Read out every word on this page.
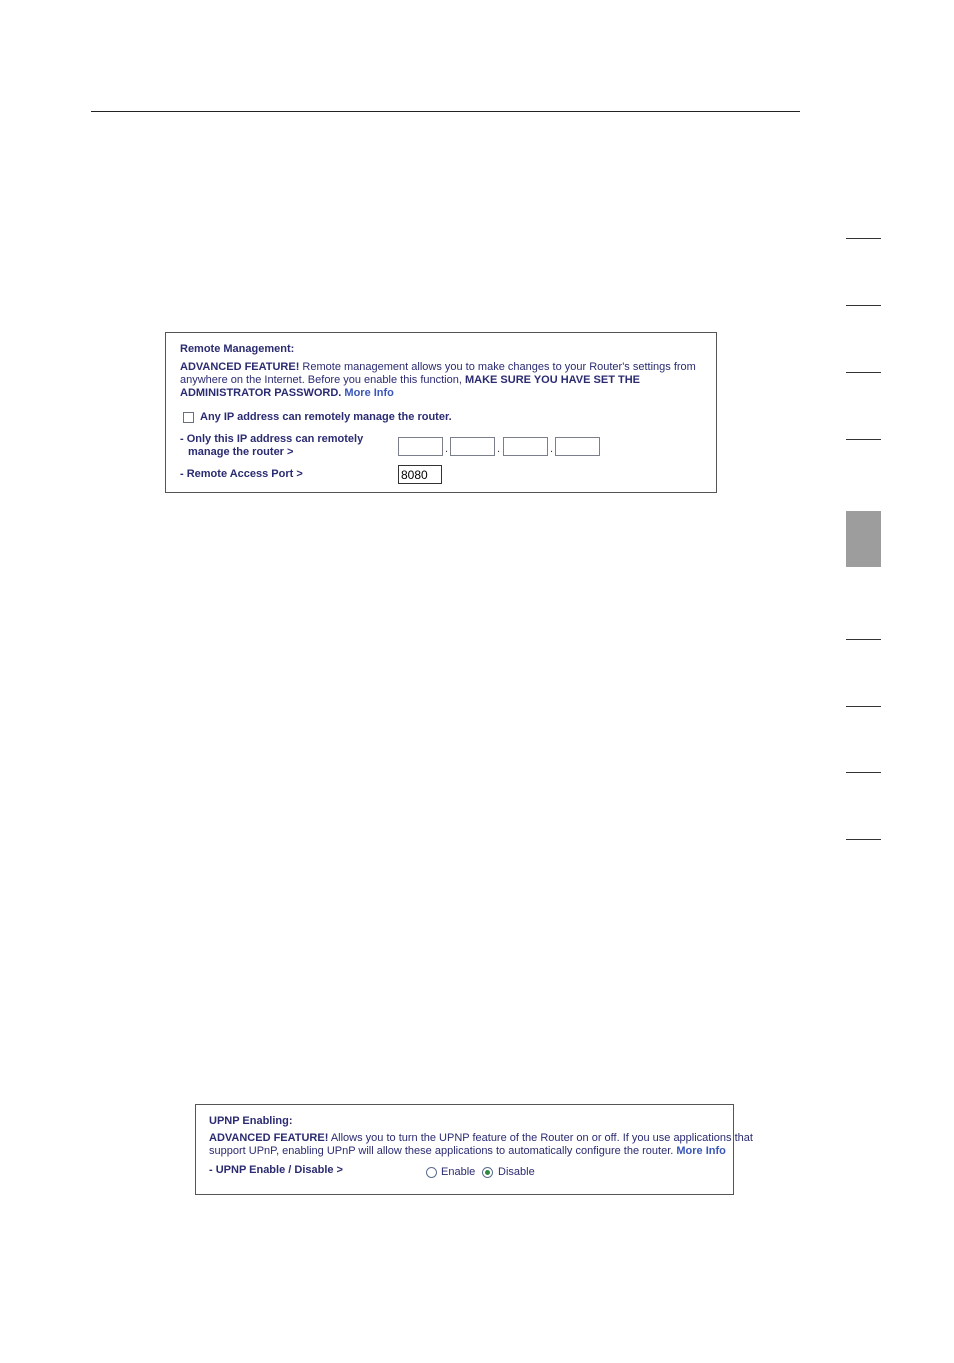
Remote Management:
ADVANCED FEATURE! Remote management allows you to make changes to your Router's settings from
anywhere on the Internet. Before you enable this function, MAKE SURE YOU HAVE SET THE
ADMINISTRATOR PASSWORD. More Info
Any IP address can remotely manage the router.
- Only this IP address can remotely
manage the router >	.	.	.
- Remote Access Port >	8080
UPNP Enabling:
ADVANCED FEATURE! Allows you to turn the UPNP feature of the Router on or off. If you use applications that
support UPnP, enabling UPnP will allow these applications to automatically configure the router. More Info
- UPNP Enable / Disable >	Enable Disable
